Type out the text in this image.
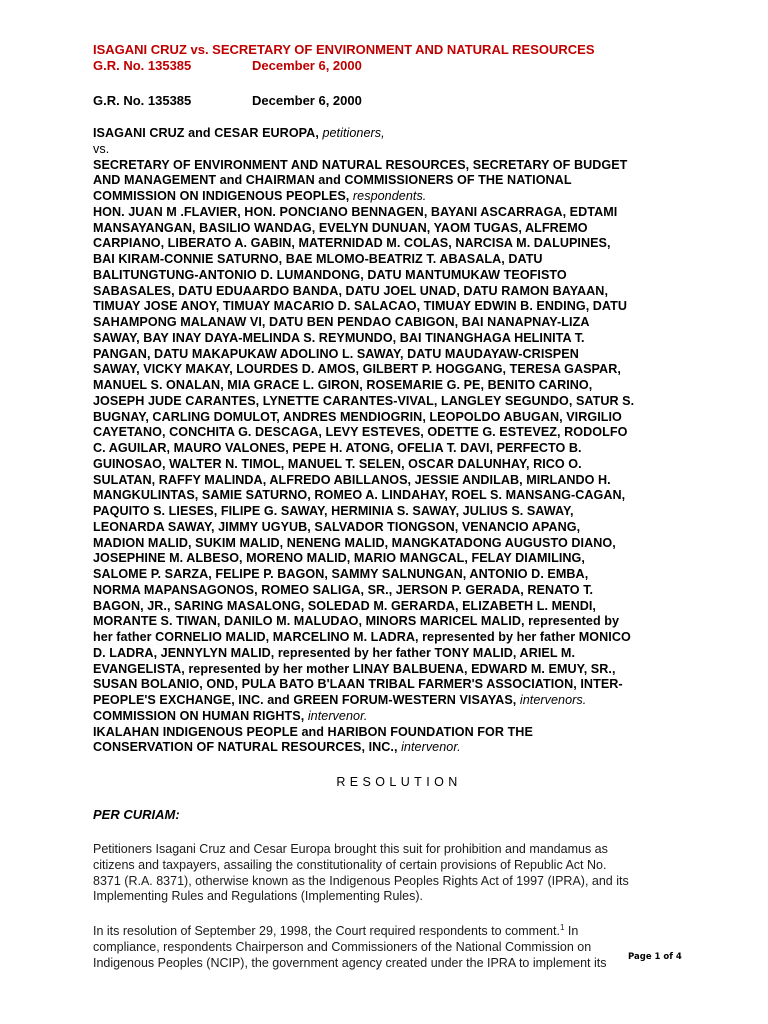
ISAGANI CRUZ vs. SECRETARY OF ENVIRONMENT AND NATURAL RESOURCES
G.R. No. 135385	December 6, 2000
G.R. No. 135385	December 6, 2000
ISAGANI CRUZ and CESAR EUROPA, petitioners,
vs.
SECRETARY OF ENVIRONMENT AND NATURAL RESOURCES, SECRETARY OF BUDGET
AND MANAGEMENT and CHAIRMAN and COMMISSIONERS OF THE NATIONAL
COMMISSION ON INDIGENOUS PEOPLES, respondents.
HON. JUAN M .FLAVIER, HON. PONCIANO BENNAGEN, BAYANI ASCARRAGA, EDTAMI
MANSAYANGAN, BASILIO WANDAG, EVELYN DUNUAN, YAOM TUGAS, ALFREMO
CARPIANO, LIBERATO A. GABIN, MATERNIDAD M. COLAS, NARCISA M. DALUPINES,
BAI KIRAM-CONNIE SATURNO, BAE MLOMO-BEATRIZ T. ABASALA, DATU
BALITUNGTUNG-ANTONIO D. LUMANDONG, DATU MANTUMUKAW TEOFISTO
SABASALES, DATU EDUAARDO BANDA, DATU JOEL UNAD, DATU RAMON BAYAAN,
TIMUAY JOSE ANOY, TIMUAY MACARIO D. SALACAO, TIMUAY EDWIN B. ENDING, DATU
SAHAMPONG MALANAW VI, DATU BEN PENDAO CABIGON, BAI NANAPNAY-LIZA
SAWAY, BAY INAY DAYA-MELINDA S. REYMUNDO, BAI TINANGHAGA HELINITA T.
PANGAN, DATU MAKAPUKAW ADOLINO L. SAWAY, DATU MAUDAYAW-CRISPEN
SAWAY, VICKY MAKAY, LOURDES D. AMOS, GILBERT P. HOGGANG, TERESA GASPAR,
MANUEL S. ONALAN, MIA GRACE L. GIRON, ROSEMARIE G. PE, BENITO CARINO,
JOSEPH JUDE CARANTES, LYNETTE CARANTES-VIVAL, LANGLEY SEGUNDO, SATUR S.
BUGNAY, CARLING DOMULOT, ANDRES MENDIOGRIN, LEOPOLDO ABUGAN, VIRGILIO
CAYETANO, CONCHITA G. DESCAGA, LEVY ESTEVES, ODETTE G. ESTEVEZ, RODOLFO
C. AGUILAR, MAURO VALONES, PEPE H. ATONG, OFELIA T. DAVI, PERFECTO B.
GUINOSAO, WALTER N. TIMOL, MANUEL T. SELEN, OSCAR DALUNHAY, RICO O.
SULATAN, RAFFY MALINDA, ALFREDO ABILLANOS, JESSIE ANDILAB, MIRLANDO H.
MANGKULINTAS, SAMIE SATURNO, ROMEO A. LINDAHAY, ROEL S. MANSANG-CAGAN,
PAQUITO S. LIESES, FILIPE G. SAWAY, HERMINIA S. SAWAY, JULIUS S. SAWAY,
LEONARDA SAWAY, JIMMY UGYUB, SALVADOR TIONGSON, VENANCIO APANG,
MADION MALID, SUKIM MALID, NENENG MALID, MANGKATADONG AUGUSTO DIANO,
JOSEPHINE M. ALBESO, MORENO MALID, MARIO MANGCAL, FELAY DIAMILING,
SALOME P. SARZA, FELIPE P. BAGON, SAMMY SALNUNGAN, ANTONIO D. EMBA,
NORMA MAPANSAGONOS, ROMEO SALIGA, SR., JERSON P. GERADA, RENATO T.
BAGON, JR., SARING MASALONG, SOLEDAD M. GERARDA, ELIZABETH L. MENDI,
MORANTE S. TIWAN, DANILO M. MALUDAO, MINORS MARICEL MALID, represented by
her father CORNELIO MALID, MARCELINO M. LADRA, represented by her father MONICO
D. LADRA, JENNYLYN MALID, represented by her father TONY MALID, ARIEL M.
EVANGELISTA, represented by her mother LINAY BALBUENA, EDWARD M. EMUY, SR.,
SUSAN BOLANIO, OND, PULA BATO B'LAAN TRIBAL FARMER'S ASSOCIATION, INTER-
PEOPLE'S EXCHANGE, INC. and GREEN FORUM-WESTERN VISAYAS, intervenors.
COMMISSION ON HUMAN RIGHTS, intervenor.
IKALAHAN INDIGENOUS PEOPLE and HARIBON FOUNDATION FOR THE
CONSERVATION OF NATURAL RESOURCES, INC., intervenor.
RESOLUTION
PER CURIAM:
Petitioners Isagani Cruz and Cesar Europa brought this suit for prohibition and mandamus as
citizens and taxpayers, assailing the constitutionality of certain provisions of Republic Act No.
8371 (R.A. 8371), otherwise known as the Indigenous Peoples Rights Act of 1997 (IPRA), and its
Implementing Rules and Regulations (Implementing Rules).
In its resolution of September 29, 1998, the Court required respondents to comment.$^1$ In
compliance, respondents Chairperson and Commissioners of the National Commission on
Indigenous Peoples (NCIP), the government agency created under the IPRA to implement its	Page 1 of 4
